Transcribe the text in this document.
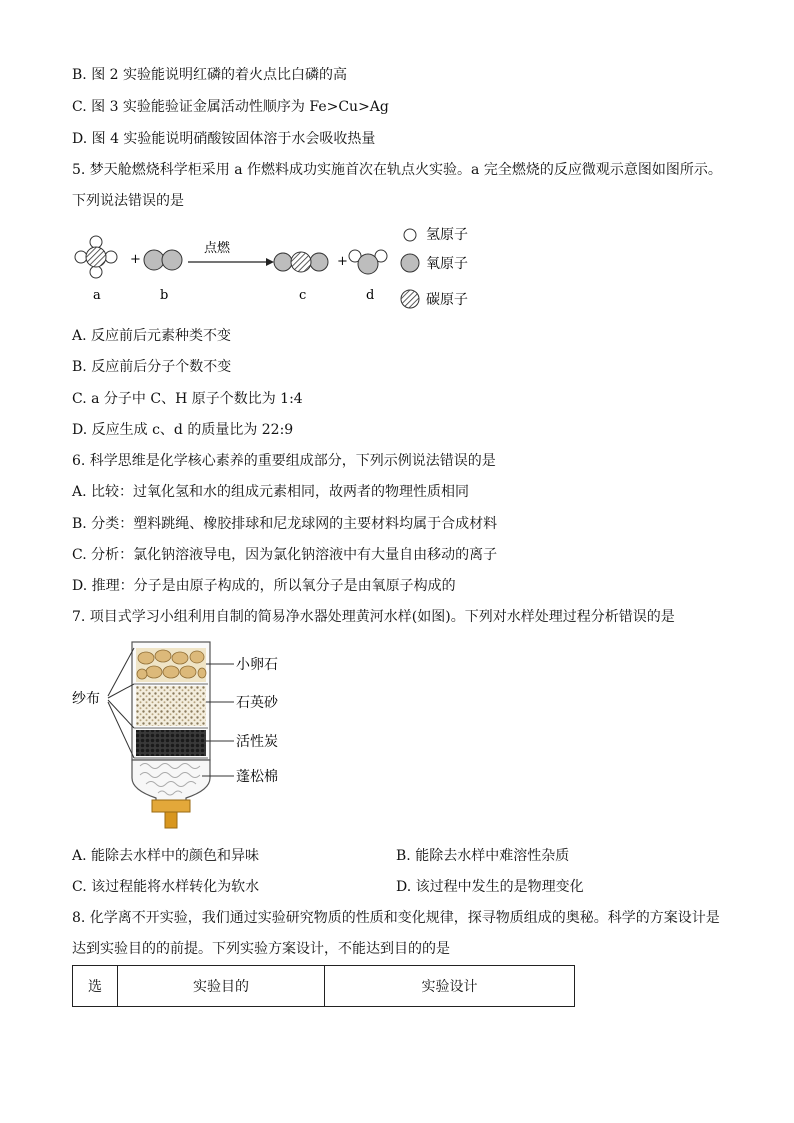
B. 图 2 实验能说明红磷的着火点比白磷的高
C. 图 3 实验能验证金属活动性顺序为 Fe>Cu>Ag
D. 图 4 实验能说明硝酸铵固体溶于水会吸收热量
5. 梦天舱燃烧科学柜采用 a 作燃料成功实施首次在轨点火实验。a 完全燃烧的反应微观示意图如图所示。
下列说法错误的是
+
点燃
+
a	b	c	d
氢原子
氧原子
碳原子
A. 反应前后元素种类不变
B. 反应前后分子个数不变
C. a 分子中 C、H 原子个数比为 1:4
D. 反应生成 c、d 的质量比为 22:9
6. 科学思维是化学核心素养的重要组成部分，下列示例说法错误的是
A. 比较：过氧化氢和水的组成元素相同，故两者的物理性质相同
B. 分类：塑料跳绳、橡胶排球和尼龙球网的主要材料均属于合成材料
C. 分析：氯化钠溶液导电，因为氯化钠溶液中有大量自由移动的离子
D. 推理：分子是由原子构成的，所以氧分子是由氧原子构成的
7. 项目式学习小组利用自制的简易净水器处理黄河水样(如图)。下列对水样处理过程分析错误的是
纱布
小卵石
石英砂
活性炭
蓬松棉
A. 能除去水样中的颜色和异味	B. 能除去水样中难溶性杂质
C. 该过程能将水样转化为软水	D. 该过程中发生的是物理变化
8. 化学离不开实验，我们通过实验研究物质的性质和变化规律，探寻物质组成的奥秘。科学的方案设计是
达到实验目的的前提。下列实验方案设计，不能达到目的的是
选	实验目的	实验设计
